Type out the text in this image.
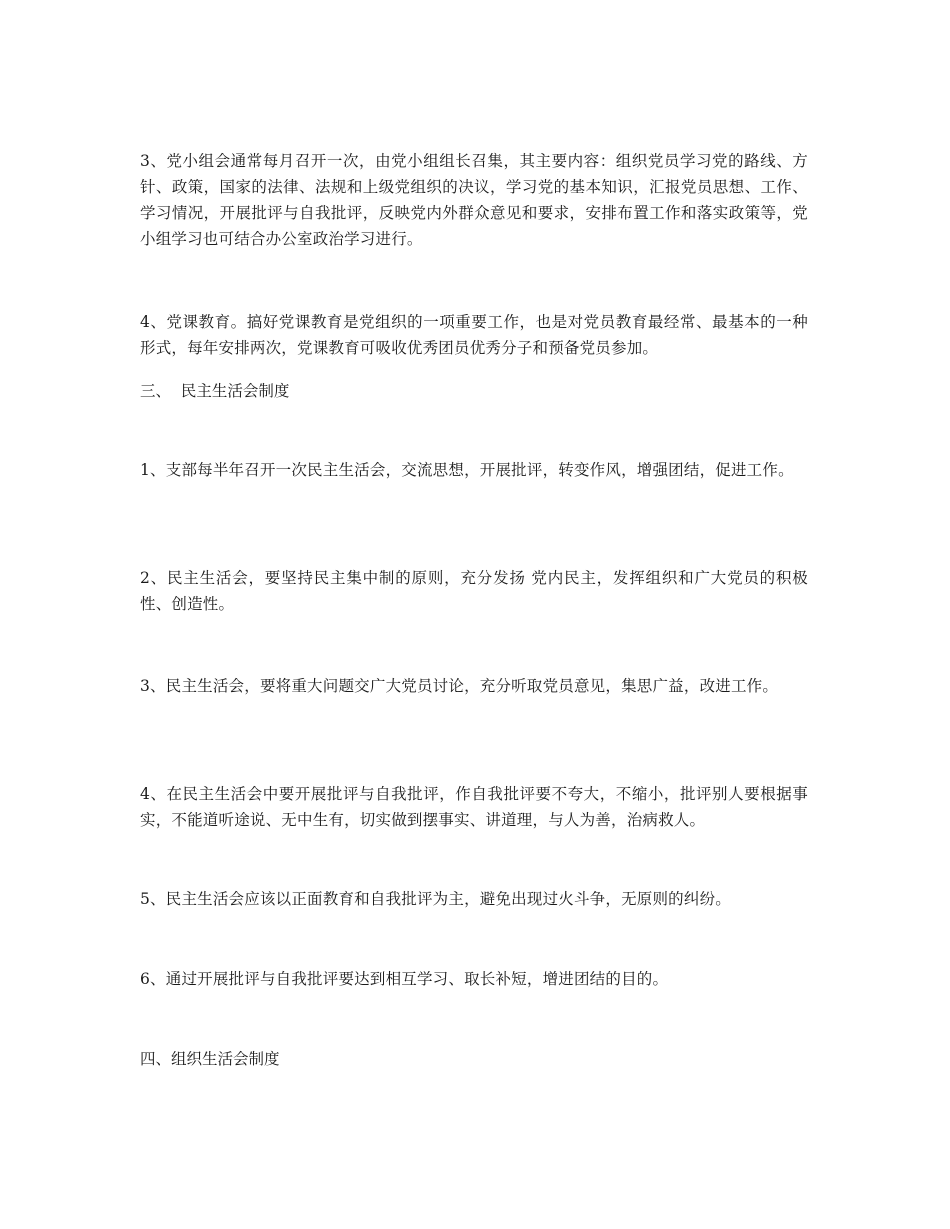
3、党小组会通常每月召开一次，由党小组组长召集，其主要内容：组织党员学习党的路线、方针、政策，国家的法律、法规和上级党组织的决议，学习党的基本知识，汇报党员思想、工作、学习情况，开展批评与自我批评，反映党内外群众意见和要求，安排布置工作和落实政策等，党小组学习也可结合办公室政治学习进行。

4、党课教育。搞好党课教育是党组织的一项重要工作，也是对党员教育最经常、最基本的一种形式，每年安排两次，党课教育可吸收优秀团员优秀分子和预备党员参加。

三、  民主生活会制度

1、支部每半年召开一次民主生活会，交流思想，开展批评，转变作风，增强团结，促进工作。

2、民主生活会，要坚持民主集中制的原则，充分发扬 党内民主，发挥组织和广大党员的积极性、创造性。

3、民主生活会，要将重大问题交广大党员讨论，充分听取党员意见，集思广益，改进工作。

4、在民主生活会中要开展批评与自我批评，作自我批评要不夸大，不缩小，批评别人要根据事实，不能道听途说、无中生有，切实做到摆事实、讲道理，与人为善，治病救人。

5、民主生活会应该以正面教育和自我批评为主，避免出现过火斗争，无原则的纠纷。

6、通过开展批评与自我批评要达到相互学习、取长补短，增进团结的目的。

四、组织生活会制度
